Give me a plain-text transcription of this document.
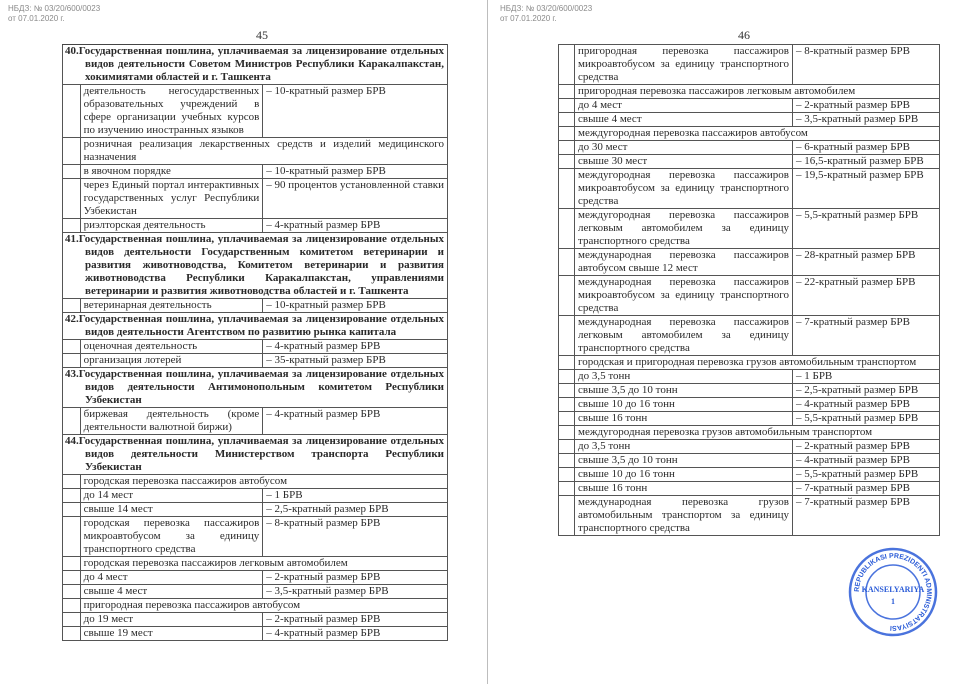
НБДЗ: № 03/20/600/0023
от 07.01.2020 г.
45
40.Государственная пошлина, уплачиваемая за лицензирование отдельных видов деятельности Советом Министров Республики Каракалпакстан, хокимиятами областей и г. Ташкента		
	деятельность негосударственных образовательных учреждений в сфере организации учебных курсов по изучению иностранных языков	– 10-кратный размер БРВ
	розничная реализация лекарственных средств и изделий медицинского назначения	
	в явочном порядке	– 10-кратный размер БРВ
	через Единый портал интерактивных государственных услуг Республики Узбекистан	– 90 процентов установленной ставки
	риэлторская деятельность	– 4-кратный размер БРВ
41.Государственная пошлина, уплачиваемая за лицензирование отдельных видов деятельности Государственным комитетом ветеринарии и развития животноводства, Комитетом ветеринарии и развития животноводства Республики Каракалпакстан, управлениями ветеринарии и развития животноводства областей и г. Ташкента		
	ветеринарная деятельность	– 10-кратный размер БРВ
42.Государственная пошлина, уплачиваемая за лицензирование отдельных видов деятельности Агентством по развитию рынка капитала		
	оценочная деятельность	– 4-кратный размер БРВ
	организация лотерей	– 35-кратный размер БРВ
43.Государственная пошлина, уплачиваемая за лицензирование отдельных видов деятельности Антимонопольным комитетом Республики Узбекистан		
	биржевая деятельность (кроме деятельности валютной биржи)	– 4-кратный размер БРВ
44.Государственная пошлина, уплачиваемая за лицензирование отдельных видов деятельности Министерством транспорта Республики Узбекистан		
	городская перевозка пассажиров автобусом	
	до 14 мест	– 1 БРВ
	свыше 14 мест	– 2,5-кратный размер БРВ
	городская перевозка пассажиров микроавтобусом за единицу транспортного средства	– 8-кратный размер БРВ
	городская перевозка пассажиров легковым автомобилем	
	до 4 мест	– 2-кратный размер БРВ
	свыше 4 мест	– 3,5-кратный размер БРВ
	пригородная перевозка пассажиров автобусом	
	до 19 мест	– 2-кратный размер БРВ
	свыше 19 мест	– 4-кратный размер БРВ
НБДЗ: № 03/20/600/0023
от 07.01.2020 г.
46
	пригородная перевозка пассажиров микроавтобусом за единицу транспортного средства	– 8-кратный размер БРВ
	пригородная перевозка пассажиров легковым автомобилем	
	до 4 мест	– 2-кратный размер БРВ
	свыше 4 мест	– 3,5-кратный размер БРВ
	междугородная перевозка пассажиров автобусом	
	до 30 мест	– 6-кратный размер БРВ
	свыше 30 мест	– 16,5-кратный размер БРВ
	междугородная перевозка пассажиров микроавтобусом за единицу транспортного средства	– 19,5-кратный размер БРВ
	междугородная перевозка пассажиров легковым автомобилем за единицу транспортного средства	– 5,5-кратный размер БРВ
	международная перевозка пассажиров автобусом свыше 12 мест	– 28-кратный размер БРВ
	международная перевозка пассажиров микроавтобусом за единицу транспортного средства	– 22-кратный размер БРВ
	международная перевозка пассажиров легковым автомобилем за единицу транспортного средства	– 7-кратный размер БРВ
	городская и пригородная перевозка грузов автомобильным транспортом	
	до 3,5 тонн	– 1 БРВ
	свыше 3,5 до 10 тонн	– 2,5-кратный размер БРВ
	свыше 10 до 16 тонн	– 4-кратный размер БРВ
	свыше 16 тонн	– 5,5-кратный размер БРВ
	междугородная перевозка грузов автомобильным транспортом	
	до 3,5 тонн	– 2-кратный размер БРВ
	свыше 3,5 до 10 тонн	– 4-кратный размер БРВ
	свыше 10 до 16 тонн	– 5,5-кратный размер БРВ
	свыше 16 тонн	– 7-кратный размер БРВ
	международная перевозка грузов автомобильным транспортом за единицу транспортного средства	– 7-кратный размер БРВ
REPUBLIKASI PREZIDENTI ADMINISTRATSIYASI
KANSELYARIYA
1
